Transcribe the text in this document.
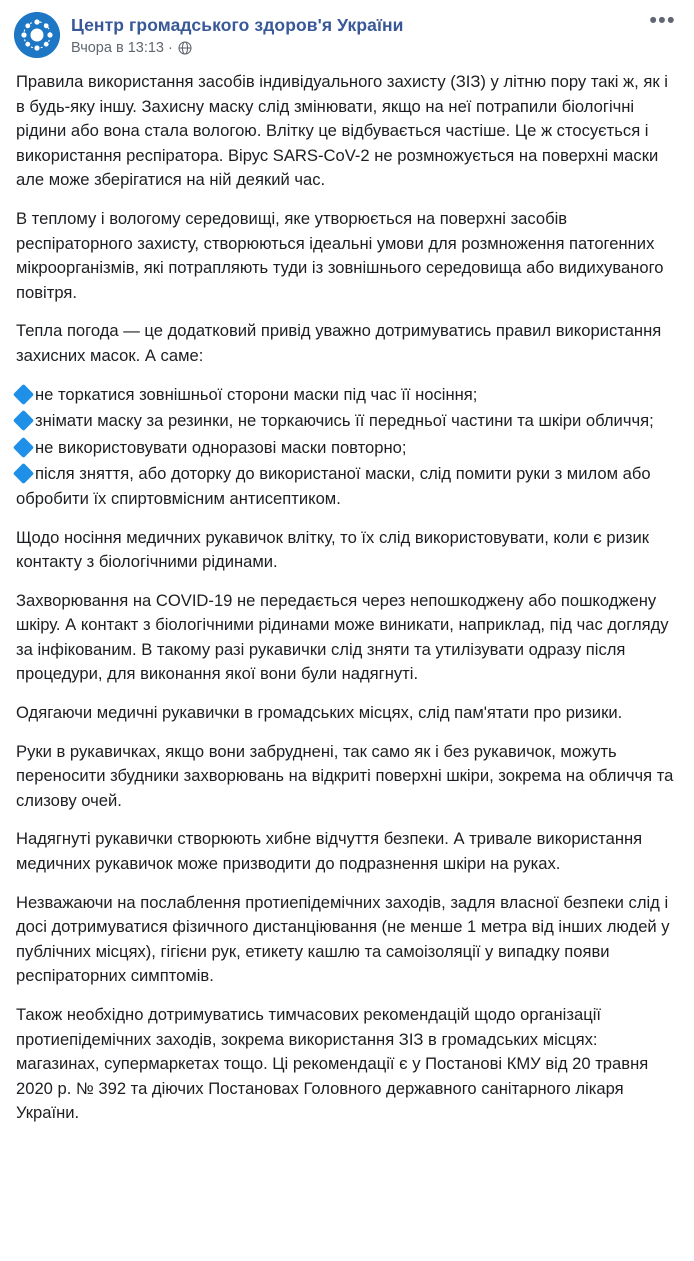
Центр громадського здоров'я України
Вчора в 13:13 ·
•••

Правила використання засобів індивідуального захисту (ЗІЗ) у літню пору такі ж, як і в будь-яку іншу. Захисну маску слід змінювати, якщо на неї потрапили біологічні рідини або вона стала вологою. Влітку це відбувається частіше. Це ж стосується і використання респіратора. Вірус SARS-CoV-2 не розмножується на поверхні маски але може зберігатися на ній деякий час.

В теплому і вологому середовищі, яке утворюється на поверхні засобів респіраторного захисту, створюються ідеальні умови для розмноження патогенних мікроорганізмів, які потрапляють туди із зовнішнього середовища або видихуваного повітря.

Тепла погода — це додатковий привід уважно дотримуватись правил використання захисних масок. А саме:

не торкатися зовнішньої сторони маски під час її носіння;
знімати маску за резинки, не торкаючись її передньої частини та шкіри обличчя;
не використовувати одноразові маски повторно;
після зняття, або доторку до використаної маски, слід помити руки з милом або обробити їх спиртовмісним антисептиком.

Щодо носіння медичних рукавичок влітку, то їх слід використовувати, коли є ризик контакту з біологічними рідинами.

Захворювання на COVID-19 не передається через непошкоджену або пошкоджену шкіру. А контакт з біологічними рідинами може виникати, наприклад, під час догляду за інфікованим. В такому разі рукавички слід зняти та утилізувати одразу після процедури, для виконання якої вони були надягнуті.

Одягаючи медичні рукавички в громадських місцях, слід пам'ятати про ризики.

Руки в рукавичках, якщо вони забруднені, так само як і без рукавичок, можуть переносити збудники захворювань на відкриті поверхні шкіри, зокрема на обличчя та слизову очей.

Надягнуті рукавички створюють хибне відчуття безпеки. А тривале використання медичних рукавичок може призводити до подразнення шкіри на руках.

Незважаючи на послаблення протиепідемічних заходів, задля власної безпеки слід і досі дотримуватися фізичного дистанціювання (не менше 1 метра від інших людей у публічних місцях), гігієни рук, етикету кашлю та самоізоляції у випадку появи респіраторних симптомів.

Також необхідно дотримуватись тимчасових рекомендацій щодо організації протиепідемічних заходів, зокрема використання ЗІЗ в громадських місцях: магазинах, супермаркетах тощо. Ці рекомендації є у Постанові КМУ від 20 травня 2020 р. № 392 та діючих Постановах Головного державного санітарного лікаря України.
